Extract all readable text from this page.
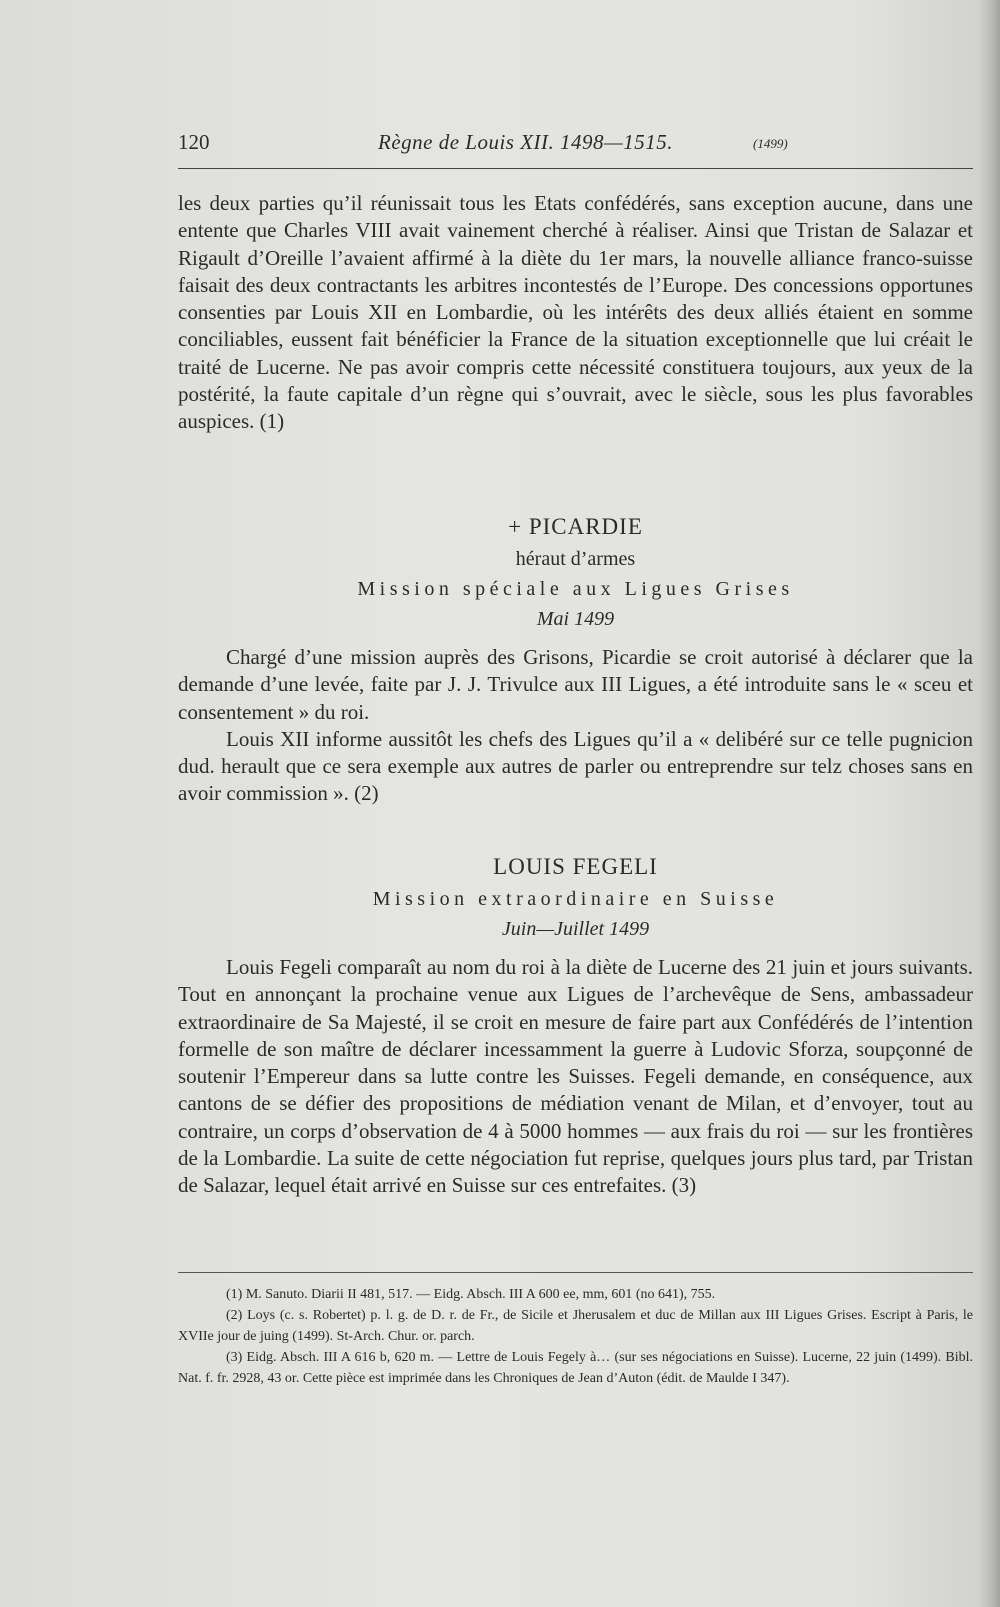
120	Règne de Louis XII. 1498—1515.	(1499)

les deux parties qu’il réunissait tous les Etats confédérés, sans exception aucune, dans une entente que Charles VIII avait vainement cherché à réaliser. Ainsi que Tristan de Salazar et Rigault d’Oreille l’avaient affirmé à la diète du 1er mars, la nouvelle alliance franco-suisse faisait des deux contractants les arbitres incontestés de l’Europe. Des concessions opportunes consenties par Louis XII en Lombardie, où les intérêts des deux alliés étaient en somme conciliables, eussent fait bénéficier la France de la situation exceptionnelle que lui créait le traité de Lucerne. Ne pas avoir compris cette nécessité constituera toujours, aux yeux de la postérité, la faute capitale d’un règne qui s’ouvrait, avec le siècle, sous les plus favorables auspices. (1)

+ PICARDIE
héraut d’armes
Mission spéciale aux Ligues Grises
Mai 1499

Chargé d’une mission auprès des Grisons, Picardie se croit autorisé à déclarer que la demande d’une levée, faite par J. J. Trivulce aux III Ligues, a été introduite sans le « sceu et consentement » du roi.

Louis XII informe aussitôt les chefs des Ligues qu’il a « delibéré sur ce telle pugnicion dud. herault que ce sera exemple aux autres de parler ou entreprendre sur telz choses sans en avoir commission ». (2)

LOUIS FEGELI
Mission extraordinaire en Suisse
Juin—Juillet 1499

Louis Fegeli comparaît au nom du roi à la diète de Lucerne des 21 juin et jours suivants. Tout en annonçant la prochaine venue aux Ligues de l’archevêque de Sens, ambassadeur extraordinaire de Sa Majesté, il se croit en mesure de faire part aux Confédérés de l’intention formelle de son maître de déclarer incessamment la guerre à Ludovic Sforza, soupçonné de soutenir l’Empereur dans sa lutte contre les Suisses. Fegeli demande, en conséquence, aux cantons de se défier des propositions de médiation venant de Milan, et d’envoyer, tout au contraire, un corps d’observation de 4 à 5000 hommes — aux frais du roi — sur les frontières de la Lombardie. La suite de cette négociation fut reprise, quelques jours plus tard, par Tristan de Salazar, lequel était arrivé en Suisse sur ces entrefaites. (3)

(1) M. Sanuto. Diarii II 481, 517. — Eidg. Absch. III A 600 ee, mm, 601 (no 641), 755.

(2) Loys (c. s. Robertet) p. l. g. de D. r. de Fr., de Sicile et Jherusalem et duc de Millan aux III Ligues Grises. Escript à Paris, le XVIIe jour de juing (1499). St-Arch. Chur. or. parch.

(3) Eidg. Absch. III A 616 b, 620 m. — Lettre de Louis Fegely à… (sur ses négociations en Suisse). Lucerne, 22 juin (1499). Bibl. Nat. f. fr. 2928, 43 or. Cette pièce est imprimée dans les Chroniques de Jean d’Auton (édit. de Maulde I 347).
